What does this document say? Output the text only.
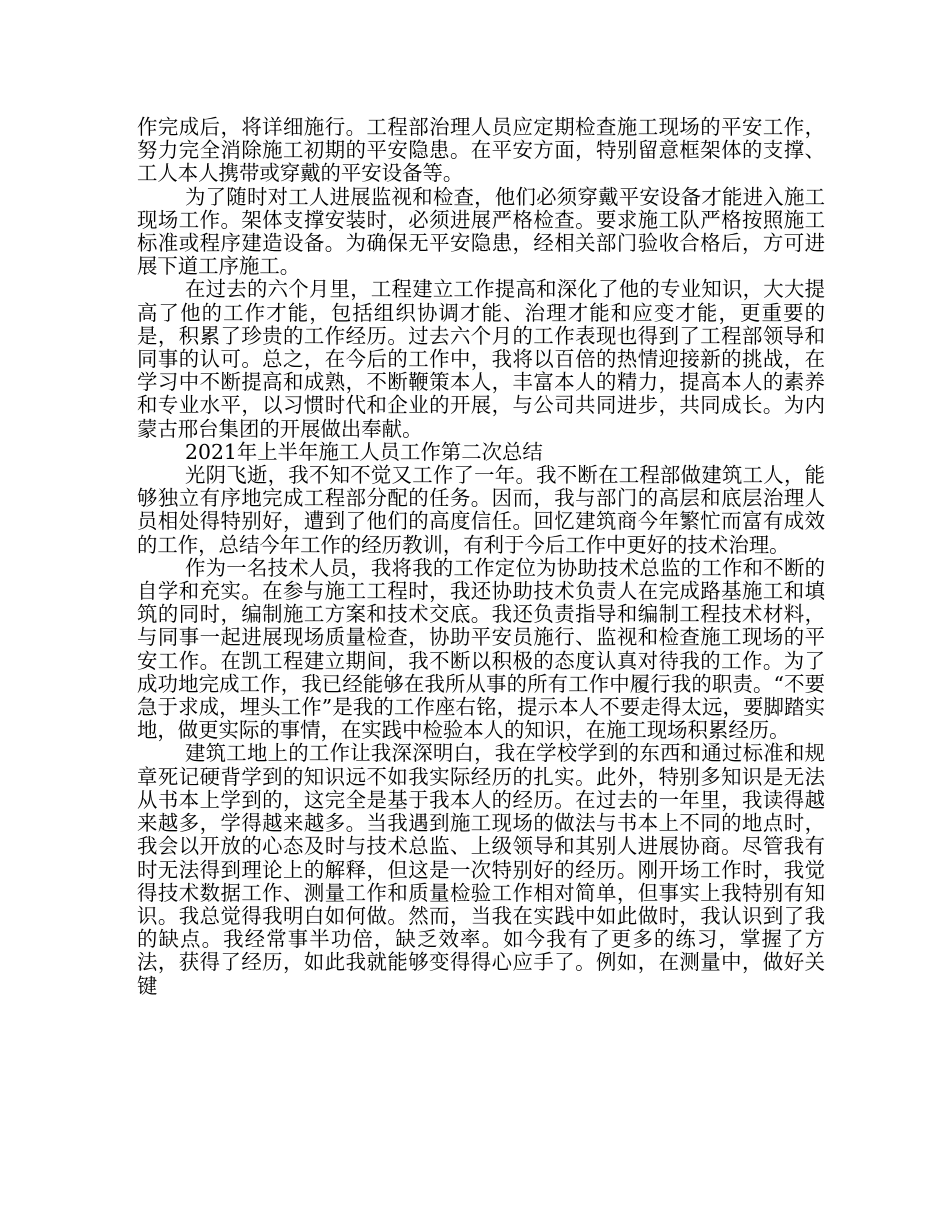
作完成后，将详细施行。工程部治理人员应定期检查施工现场的平安工作，努力完全消除施工初期的平安隐患。在平安方面，特别留意框架体的支撑、工人本人携带或穿戴的平安设备等。

为了随时对工人进展监视和检查，他们必须穿戴平安设备才能进入施工现场工作。架体支撑安装时，必须进展严格检查。要求施工队严格按照施工标准或程序建造设备。为确保无平安隐患，经相关部门验收合格后，方可进展下道工序施工。

在过去的六个月里，工程建立工作提高和深化了他的专业知识，大大提高了他的工作才能，包括组织协调才能、治理才能和应变才能，更重要的是，积累了珍贵的工作经历。过去六个月的工作表现也得到了工程部领导和同事的认可。总之，在今后的工作中，我将以百倍的热情迎接新的挑战，在学习中不断提高和成熟，不断鞭策本人，丰富本人的精力，提高本人的素养和专业水平，以习惯时代和企业的开展，与公司共同进步，共同成长。为内蒙古邢台集团的开展做出奉献。

2021年上半年施工人员工作第二次总结

光阴飞逝，我不知不觉又工作了一年。我不断在工程部做建筑工人，能够独立有序地完成工程部分配的任务。因而，我与部门的高层和底层治理人员相处得特别好，遭到了他们的高度信任。回忆建筑商今年繁忙而富有成效的工作，总结今年工作的经历教训，有利于今后工作中更好的技术治理。

作为一名技术人员，我将我的工作定位为协助技术总监的工作和不断的自学和充实。在参与施工工程时，我还协助技术负责人在完成路基施工和填筑的同时，编制施工方案和技术交底。我还负责指导和编制工程技术材料，与同事一起进展现场质量检查，协助平安员施行、监视和检查施工现场的平安工作。在凯工程建立期间，我不断以积极的态度认真对待我的工作。为了成功地完成工作，我已经能够在我所从事的所有工作中履行我的职责。“不要急于求成，埋头工作”是我的工作座右铭，提示本人不要走得太远，要脚踏实地，做更实际的事情，在实践中检验本人的知识，在施工现场积累经历。

建筑工地上的工作让我深深明白，我在学校学到的东西和通过标准和规章死记硬背学到的知识远不如我实际经历的扎实。此外，特别多知识是无法从书本上学到的，这完全是基于我本人的经历。在过去的一年里，我读得越来越多，学得越来越多。当我遇到施工现场的做法与书本上不同的地点时，我会以开放的心态及时与技术总监、上级领导和其别人进展协商。尽管我有时无法得到理论上的解释，但这是一次特别好的经历。刚开场工作时，我觉得技术数据工作、测量工作和质量检验工作相对简单，但事实上我特别有知识。我总觉得我明白如何做。然而，当我在实践中如此做时，我认识到了我的缺点。我经常事半功倍，缺乏效率。如今我有了更多的练习，掌握了方法，获得了经历，如此我就能够变得得心应手了。例如，在测量中，做好关键
